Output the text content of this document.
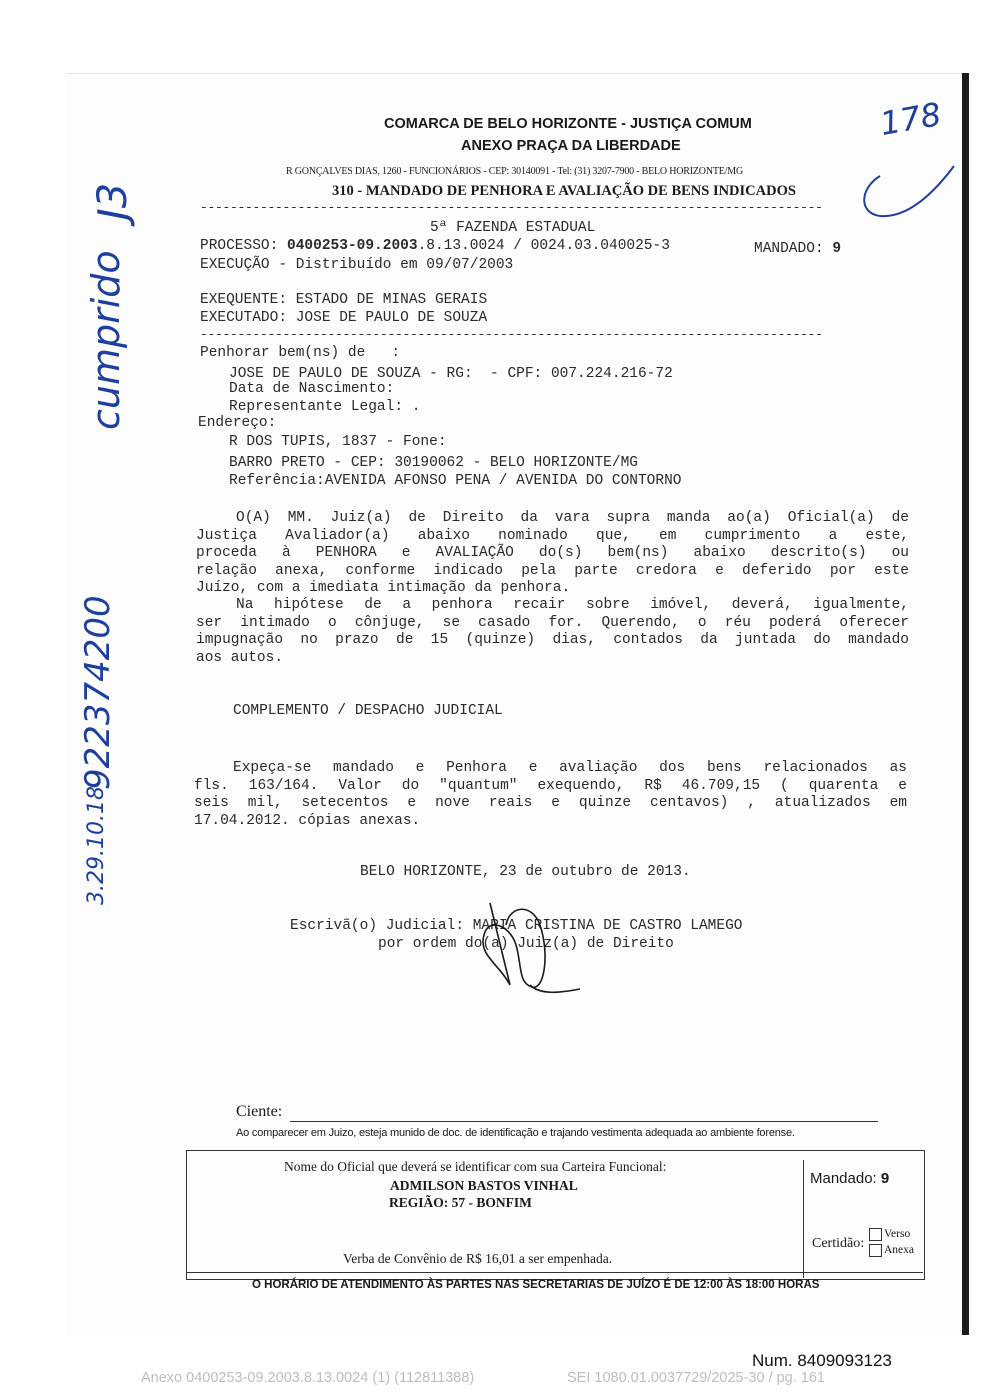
COMARCA DE BELO HORIZONTE - JUSTIÇA COMUM
ANEXO PRAÇA DA LIBERDADE
R GONÇALVES DIAS, 1260 - FUNCIONÁRIOS - CEP: 30140091 - Tel: (31) 3207-7900 - BELO HORIZONTE/MG
310 - MANDADO DE PENHORA E AVALIAÇÃO DE BENS INDICADOS
-----------------------------------------------------------------------------------
5ª FAZENDA ESTADUAL
PROCESSO: 0400253-09.2003.8.13.0024 / 0024.03.040025-3	MANDADO: 9
EXECUÇÃO - Distribuído em 09/07/2003
EXEQUENTE: ESTADO DE MINAS GERAIS
EXECUTADO: JOSE DE PAULO DE SOUZA
-----------------------------------------------------------------------------------
Penhorar bem(ns) de   :
JOSE DE PAULO DE SOUZA - RG:  - CPF: 007.224.216-72
Data de Nascimento:
Representante Legal: .
Endereço:
R DOS TUPIS, 1837 - Fone:
BARRO PRETO - CEP: 30190062 - BELO HORIZONTE/MG
Referência:AVENIDA AFONSO PENA / AVENIDA DO CONTORNO
O(A) MM. Juiz(a) de Direito da vara supra manda ao(a) Oficial(a) de
Justiça Avaliador(a) abaixo nominado que, em cumprimento a este,
proceda à PENHORA e AVALIAÇÃO do(s) bem(ns) abaixo descrito(s) ou
relação anexa, conforme indicado pela parte credora e deferido por este
Juízo, com a imediata intimação da penhora.
Na hipótese de a penhora recair sobre imóvel, deverá, igualmente,
ser intimado o cônjuge, se casado for. Querendo, o réu poderá oferecer
impugnação no prazo de 15 (quinze) dias, contados da juntada do mandado
aos autos.
COMPLEMENTO / DESPACHO JUDICIAL
Expeça-se mandado e Penhora e avaliação dos bens relacionados as
fls. 163/164. Valor do "quantum" exequendo, R$ 46.709,15 ( quarenta e
seis mil, setecentos e nove reais e quinze centavos) , atualizados em
17.04.2012. cópias anexas.
BELO HORIZONTE, 23 de outubro de 2013.
Escrivã(o) Judicial: MARIA CRISTINA DE CASTRO LAMEGO
por ordem do(a) Juiz(a) de Direito
178
J3
cumprido
922374200
3.29.10.18
Ciente:
Ao comparecer em Juizo, esteja munido de doc. de identificação e trajando vestimenta adequada ao ambiente forense.
Nome do Oficial que deverá se identificar com sua Carteira Funcional:
ADMILSON BASTOS VINHAL
REGIÃO: 57 - BONFIM
Verba de Convênio de R$ 16,01 a ser empenhada.
Mandado: 9
Certidão:
Verso
Anexa
O HORÁRIO DE ATENDIMENTO ÀS PARTES NAS SECRETARIAS DE JUÍZO É DE 12:00 ÀS 18:00 HORAS
Num. 8409093123
Anexo 0400253-09.2003.8.13.0024 (1) (112811388)	SEI 1080.01.0037729/2025-30 / pg. 161
